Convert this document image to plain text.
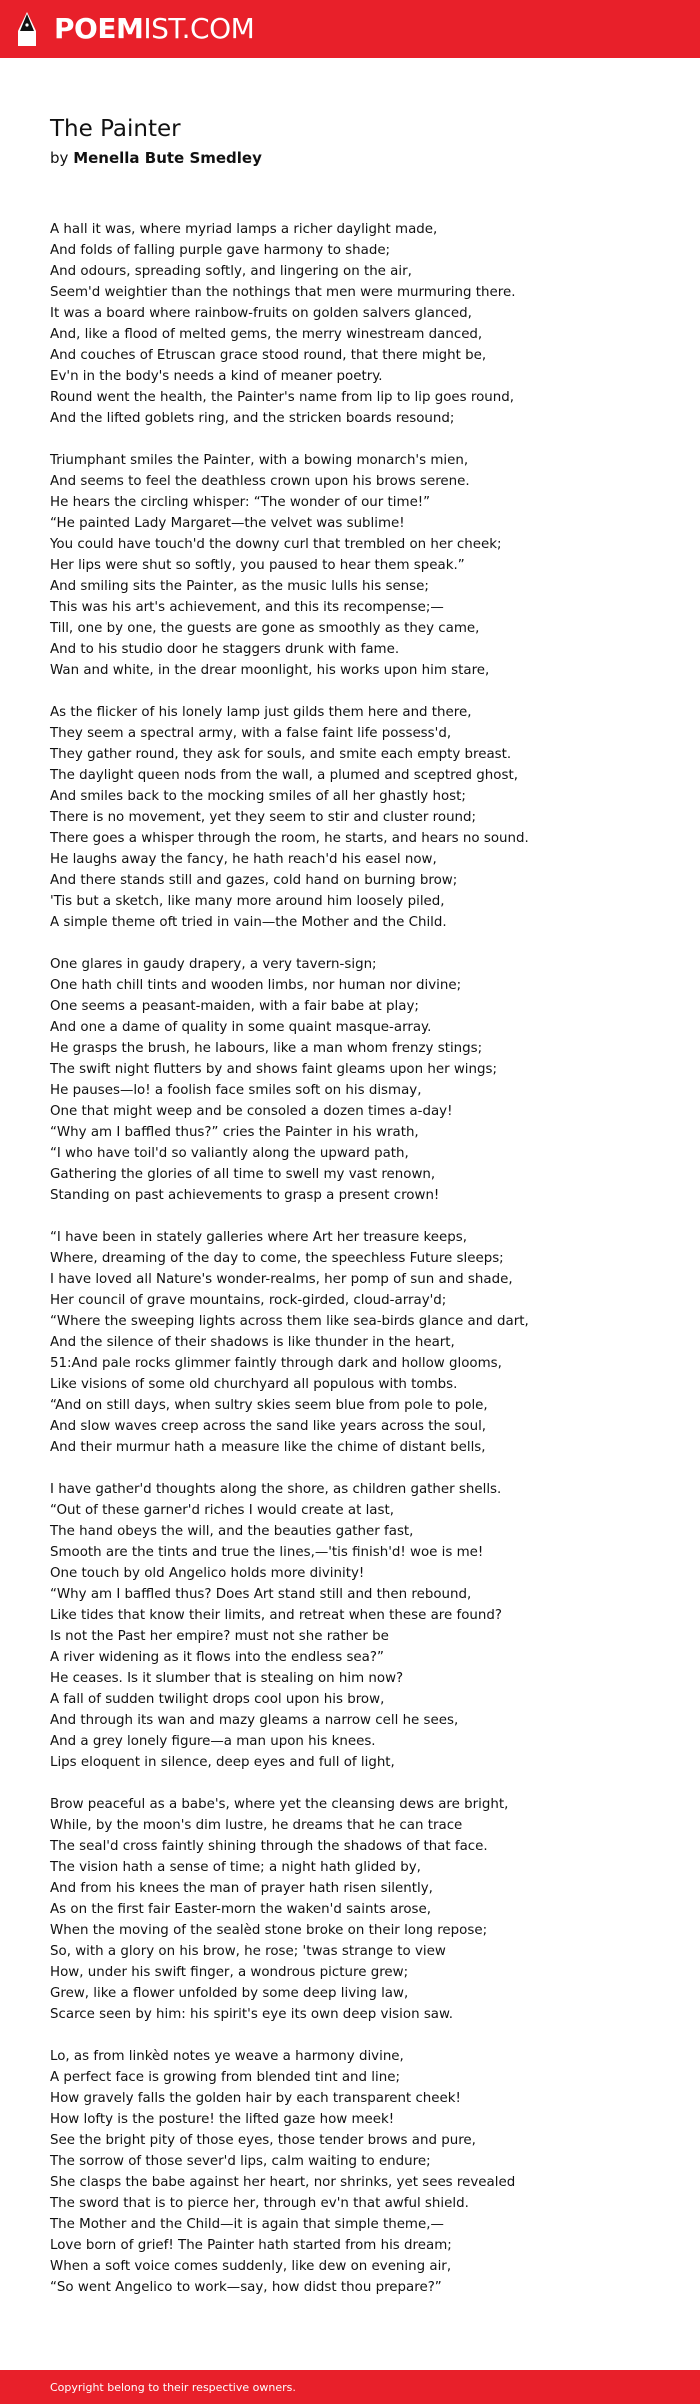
POEMIST.COM
The Painter
by Menella Bute Smedley
A hall it was, where myriad lamps a richer daylight made,
And folds of falling purple gave harmony to shade;
And odours, spreading softly, and lingering on the air,
Seem'd weightier than the nothings that men were murmuring there.
It was a board where rainbow-fruits on golden salvers glanced,
And, like a flood of melted gems, the merry winestream danced,
And couches of Etruscan grace stood round, that there might be,
Ev'n in the body's needs a kind of meaner poetry.
Round went the health, the Painter's name from lip to lip goes round,
And the lifted goblets ring, and the stricken boards resound;
Triumphant smiles the Painter, with a bowing monarch's mien,
And seems to feel the deathless crown upon his brows serene.
He hears the circling whisper: “The wonder of our time!”
“He painted Lady Margaret—the velvet was sublime!
You could have touch'd the downy curl that trembled on her cheek;
Her lips were shut so softly, you paused to hear them speak.”
And smiling sits the Painter, as the music lulls his sense;
This was his art's achievement, and this its recompense;—
Till, one by one, the guests are gone as smoothly as they came,
And to his studio door he staggers drunk with fame.
Wan and white, in the drear moonlight, his works upon him stare,
As the flicker of his lonely lamp just gilds them here and there,
They seem a spectral army, with a false faint life possess'd,
They gather round, they ask for souls, and smite each empty breast.
The daylight queen nods from the wall, a plumed and sceptred ghost,
And smiles back to the mocking smiles of all her ghastly host;
There is no movement, yet they seem to stir and cluster round;
There goes a whisper through the room, he starts, and hears no sound.
He laughs away the fancy, he hath reach'd his easel now,
And there stands still and gazes, cold hand on burning brow;
'Tis but a sketch, like many more around him loosely piled,
A simple theme oft tried in vain—the Mother and the Child.
One glares in gaudy drapery, a very tavern-sign;
One hath chill tints and wooden limbs, nor human nor divine;
One seems a peasant-maiden, with a fair babe at play;
And one a dame of quality in some quaint masque-array.
He grasps the brush, he labours, like a man whom frenzy stings;
The swift night flutters by and shows faint gleams upon her wings;
He pauses—lo! a foolish face smiles soft on his dismay,
One that might weep and be consoled a dozen times a-day!
“Why am I baffled thus?” cries the Painter in his wrath,
“I who have toil'd so valiantly along the upward path,
Gathering the glories of all time to swell my vast renown,
Standing on past achievements to grasp a present crown!
“I have been in stately galleries where Art her treasure keeps,
Where, dreaming of the day to come, the speechless Future sleeps;
I have loved all Nature's wonder-realms, her pomp of sun and shade,
Her council of grave mountains, rock-girded, cloud-array'd;
“Where the sweeping lights across them like sea-birds glance and dart,
And the silence of their shadows is like thunder in the heart,
51:And pale rocks glimmer faintly through dark and hollow glooms,
Like visions of some old churchyard all populous with tombs.
“And on still days, when sultry skies seem blue from pole to pole,
And slow waves creep across the sand like years across the soul,
And their murmur hath a measure like the chime of distant bells,
I have gather'd thoughts along the shore, as children gather shells.
“Out of these garner'd riches I would create at last,
The hand obeys the will, and the beauties gather fast,
Smooth are the tints and true the lines,—'tis finish'd! woe is me!
One touch by old Angelico holds more divinity!
“Why am I baffled thus? Does Art stand still and then rebound,
Like tides that know their limits, and retreat when these are found?
Is not the Past her empire? must not she rather be
A river widening as it flows into the endless sea?”
He ceases. Is it slumber that is stealing on him now?
A fall of sudden twilight drops cool upon his brow,
And through its wan and mazy gleams a narrow cell he sees,
And a grey lonely figure—a man upon his knees.
Lips eloquent in silence, deep eyes and full of light,
Brow peaceful as a babe's, where yet the cleansing dews are bright,
While, by the moon's dim lustre, he dreams that he can trace
The seal'd cross faintly shining through the shadows of that face.
The vision hath a sense of time; a night hath glided by,
And from his knees the man of prayer hath risen silently,
As on the first fair Easter-morn the waken'd saints arose,
When the moving of the sealèd stone broke on their long repose;
So, with a glory on his brow, he rose; 'twas strange to view
How, under his swift finger, a wondrous picture grew;
Grew, like a flower unfolded by some deep living law,
Scarce seen by him: his spirit's eye its own deep vision saw.
Lo, as from linkèd notes ye weave a harmony divine,
A perfect face is growing from blended tint and line;
How gravely falls the golden hair by each transparent cheek!
How lofty is the posture! the lifted gaze how meek!
See the bright pity of those eyes, those tender brows and pure,
The sorrow of those sever'd lips, calm waiting to endure;
She clasps the babe against her heart, nor shrinks, yet sees revealed
The sword that is to pierce her, through ev'n that awful shield.
The Mother and the Child—it is again that simple theme,—
Love born of grief! The Painter hath started from his dream;
When a soft voice comes suddenly, like dew on evening air,
“So went Angelico to work—say, how didst thou prepare?”
Copyright belong to their respective owners.
